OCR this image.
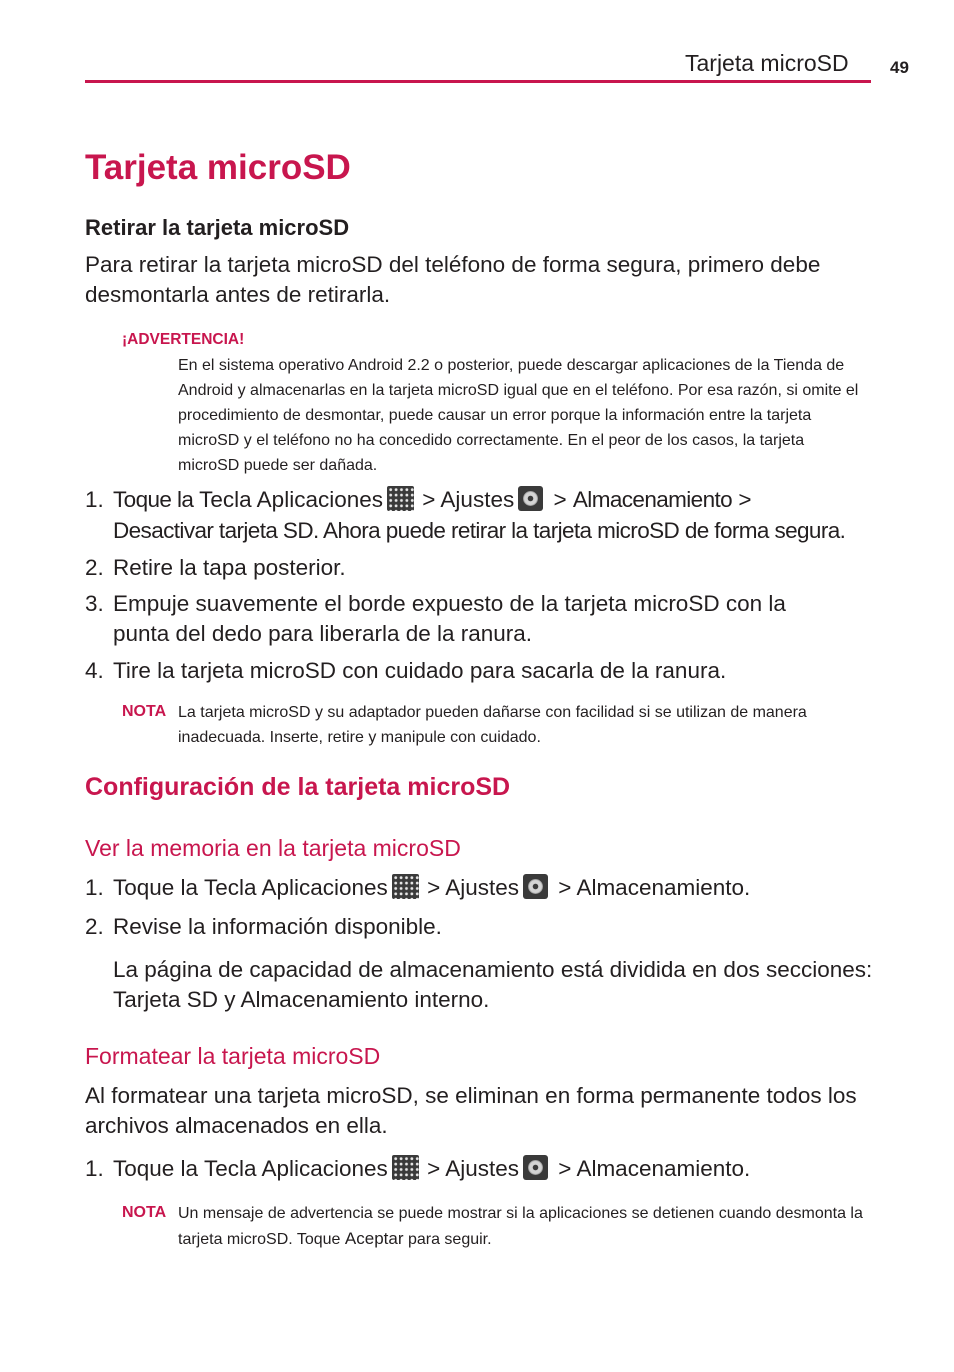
Tarjeta microSD 49
Tarjeta microSD
Retirar la tarjeta microSD
Para retirar la tarjeta microSD del teléfono de forma segura, primero debe desmontarla antes de retirarla.
¡ADVERTENCIA!
En el sistema operativo Android 2.2 o posterior, puede descargar aplicaciones de la Tienda de Android y almacenarlas en la tarjeta microSD igual que en el teléfono. Por esa razón, si omite el procedimiento de desmontar, puede causar un error porque la información entre la tarjeta microSD y el teléfono no ha concedido correctamente. En el peor de los casos, la tarjeta microSD puede ser dañada.
1. Toque la Tecla Aplicaciones > Ajustes > Almacenamiento >
Desactivar tarjeta SD. Ahora puede retirar la tarjeta microSD de forma segura.
2. Retire la tapa posterior.
3. Empuje suavemente el borde expuesto de la tarjeta microSD con la punta del dedo para liberarla de la ranura.
4. Tire la tarjeta microSD con cuidado para sacarla de la ranura.
NOTA La tarjeta microSD y su adaptador pueden dañarse con facilidad si se utilizan de manera inadecuada. Inserte, retire y manipule con cuidado.
Configuración de la tarjeta microSD
Ver la memoria en la tarjeta microSD
1. Toque la Tecla Aplicaciones > Ajustes > Almacenamiento.
2. Revise la información disponible.
La página de capacidad de almacenamiento está dividida en dos secciones: Tarjeta SD y Almacenamiento interno.
Formatear la tarjeta microSD
Al formatear una tarjeta microSD, se eliminan en forma permanente todos los archivos almacenados en ella.
1. Toque la Tecla Aplicaciones > Ajustes > Almacenamiento.
NOTA Un mensaje de advertencia se puede mostrar si la aplicaciones se detienen cuando desmonta la tarjeta microSD. Toque Aceptar para seguir.
